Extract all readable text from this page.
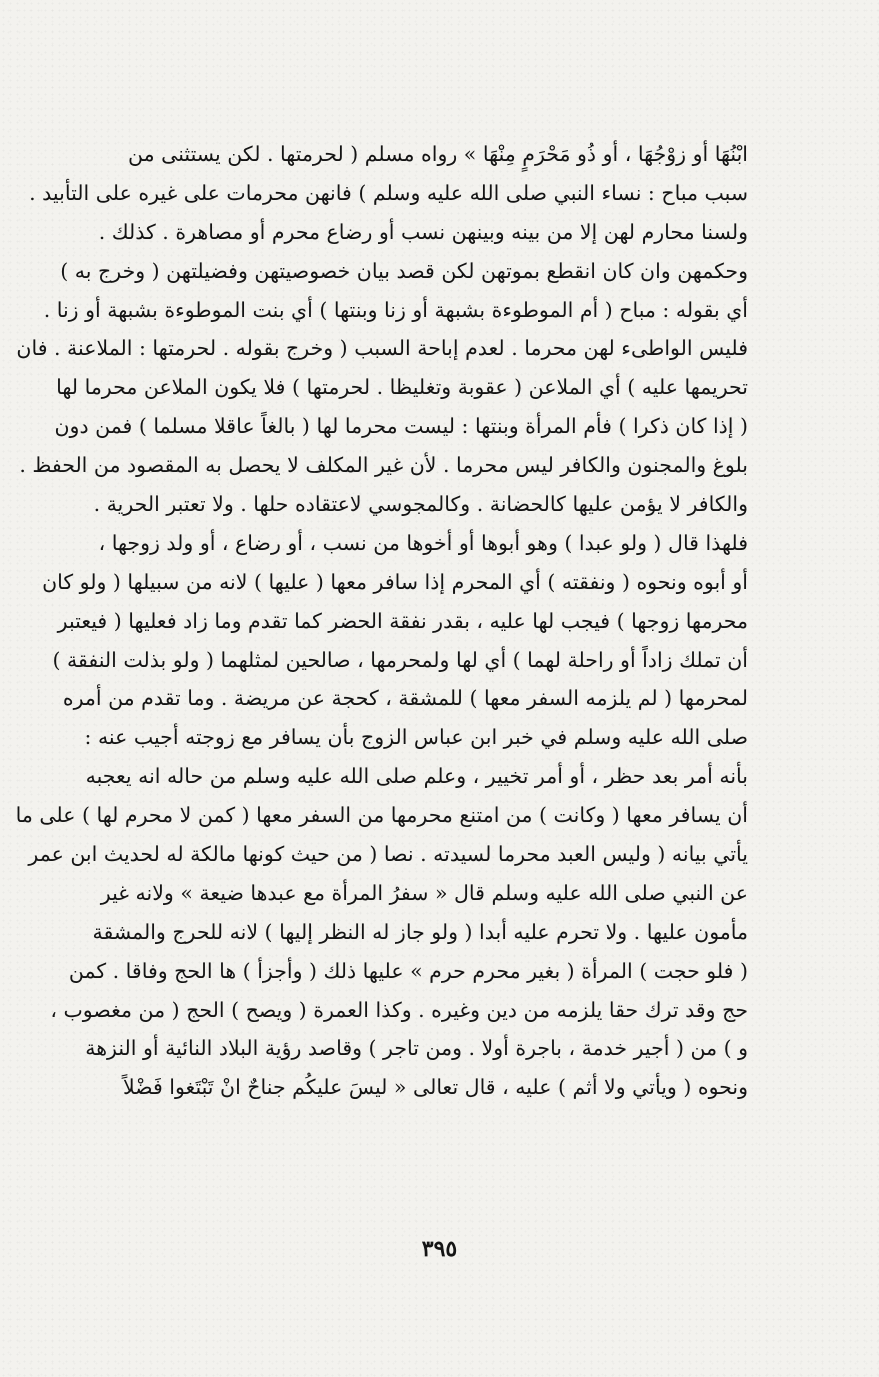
ابْنُهَا أو زوْجُهَا ، أو ذُو مَحْرَمٍ مِنْهَا » رواه مسلم ( لحرمتها . لكن يستثنى من
سبب مباح : نساء النبي صلى الله عليه وسلم ) فانهن محرمات على غيره على التأبيد .
ولسنا محارم لهن إلا من بينه وبينهن نسب أو رضاع محرم أو مصاهرة . كذلك .
وحكمهن وان كان انقطع بموتهن لكن قصد بيان خصوصيتهن وفضيلتهن ( وخرج به )
أي بقوله : مباح ( أم الموطوءة بشبهة أو زنا وبنتها ) أي بنت الموطوءة بشبهة أو زنا .
فليس الواطىء لهن محرما . لعدم إباحة السبب ( وخرج بقوله . لحرمتها : الملاعنة . فان
تحريمها عليه ) أي الملاعن ( عقوبة وتغليظا . لحرمتها ) فلا يكون الملاعن محرما لها
( إذا كان ذكرا ) فأم المرأة وبنتها : ليست محرما لها ( بالغاً عاقلا مسلما ) فمن دون
بلوغ والمجنون والكافر ليس محرما . لأن غير المكلف لا يحصل به المقصود من الحفظ .
والكافر لا يؤمن عليها كالحضانة . وكالمجوسي لاعتقاده حلها . ولا تعتبر الحرية .
فلهذا قال ( ولو عبدا ) وهو أبوها أو أخوها من نسب ، أو رضاع ، أو ولد زوجها ،
أو أبوه ونحوه ( ونفقته ) أي المحرم إذا سافر معها ( عليها ) لانه من سبيلها ( ولو كان
محرمها زوجها ) فيجب لها عليه ، بقدر نفقة الحضر كما تقدم وما زاد فعليها ( فيعتبر
أن تملك زاداً أو راحلة لهما ) أي لها ولمحرمها ، صالحين لمثلهما ( ولو بذلت النفقة )
لمحرمها ( لم يلزمه السفر معها ) للمشقة ، كحجة عن مريضة . وما تقدم من أمره
صلى الله عليه وسلم في خبر ابن عباس الزوج بأن يسافر مع زوجته أجيب عنه :
بأنه أمر بعد حظر ، أو أمر تخيير ، وعلم صلى الله عليه وسلم من حاله انه يعجبه
أن يسافر معها ( وكانت ) من امتنع محرمها من السفر معها ( كمن لا محرم لها ) على ما
يأتي بيانه ( وليس العبد محرما لسيدته . نصا ( من حيث كونها مالكة له لحديث ابن عمر
عن النبي صلى الله عليه وسلم قال « سفرُ المرأة مع عبدها ضيعة » ولانه غير
مأمون عليها . ولا تحرم عليه أبدا ( ولو جاز له النظر إليها ) لانه للحرج والمشقة
( فلو حجت ) المرأة ( بغير محرم حرم » عليها ذلك ( وأجزأ ) ها الحج وفاقا . كمن
حج وقد ترك حقا يلزمه من دين وغيره . وكذا العمرة ( ويصح ) الحج ( من مغصوب ،
و ) من ( أجير خدمة ، باجرة أولا . ومن تاجر ) وقاصد رؤية البلاد النائية أو النزهة
ونحوه ( ويأتي ولا أثم ) عليه ، قال تعالى « ليسَ عليكُم جناحٌ انْ تَبْتَغوا فَضْلاً
٣٩٥
